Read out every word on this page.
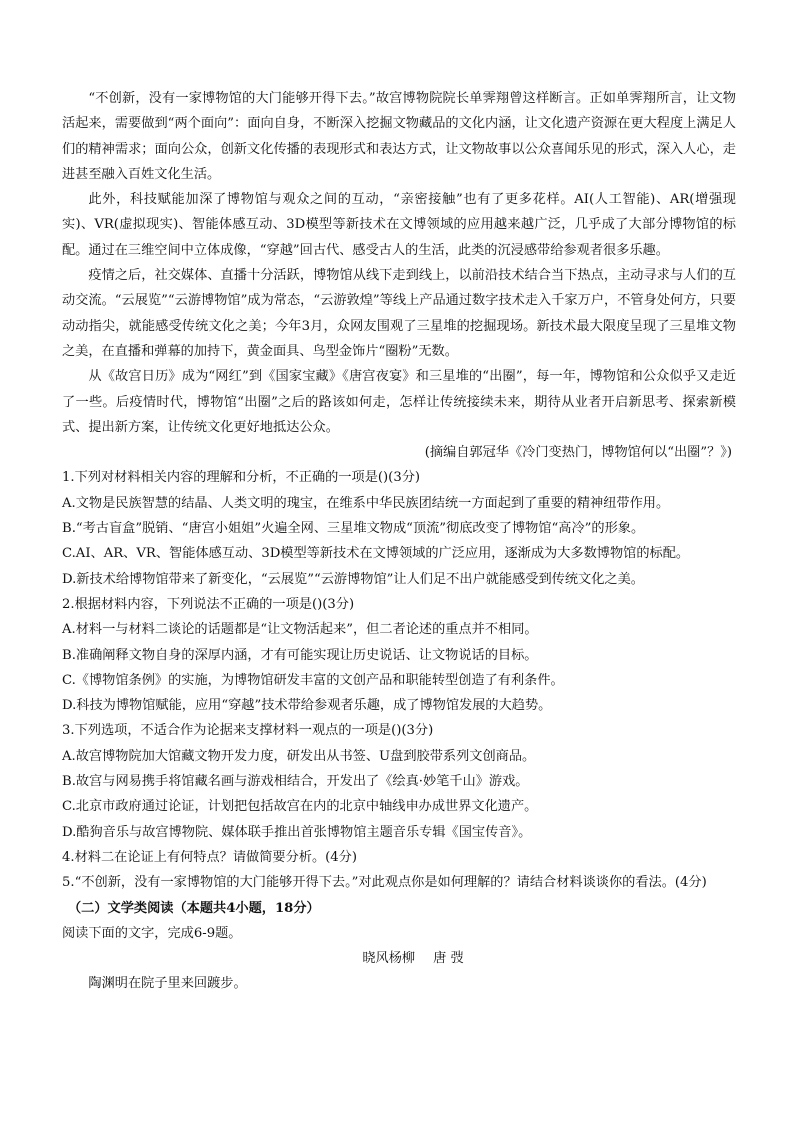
“不创新，没有一家博物馆的大门能够开得下去。”故宫博物院院长单霁翔曾这样断言。正如单霁翔所言，让文物活起来，需要做到“两个面向”：面向自身，不断深入挖掘文物藏品的文化内涵，让文化遗产资源在更大程度上满足人们的精神需求；面向公众，创新文化传播的表现形式和表达方式，让文物故事以公众喜闻乐见的形式，深入人心，走进甚至融入百姓文化生活。

此外，科技赋能加深了博物馆与观众之间的互动，“亲密接触”也有了更多花样。AI(人工智能)、AR(增强现实)、VR(虚拟现实)、智能体感互动、3D模型等新技术在文博领域的应用越来越广泛，几乎成了大部分博物馆的标配。通过在三维空间中立体成像，“穿越”回古代、感受古人的生活，此类的沉浸感带给参观者很多乐趣。

疫情之后，社交媒体、直播十分活跃，博物馆从线下走到线上，以前沿技术结合当下热点，主动寻求与人们的互动交流。“云展览”“云游博物馆”成为常态，“云游敦煌”等线上产品通过数字技术走入千家万户，不管身处何方，只要动动指尖，就能感受传统文化之美；今年3月，众网友围观了三星堆的挖掘现场。新技术最大限度呈现了三星堆文物之美，在直播和弹幕的加持下，黄金面具、鸟型金饰片“圈粉”无数。

从《故宫日历》成为“网红”到《国家宝藏》《唐宫夜宴》和三星堆的“出圈”，每一年，博物馆和公众似乎又走近了一些。后疫情时代，博物馆“出圈”之后的路该如何走，怎样让传统接续未来，期待从业者开启新思考、探索新模式、提出新方案，让传统文化更好地抵达公众。

(摘编自郭冠华《冷门变热门，博物馆何以“出圈”？》)

1.下列对材料相关内容的理解和分析，不正确的一项是()(3分)

A.文物是民族智慧的结晶、人类文明的瑰宝，在维系中华民族团结统一方面起到了重要的精神纽带作用。

B.“考古盲盒”脱销、“唐宫小姐姐”火遍全网、三星堆文物成“顶流”彻底改变了博物馆“高冷”的形象。

C.AI、AR、VR、智能体感互动、3D模型等新技术在文博领域的广泛应用，逐渐成为大多数博物馆的标配。

D.新技术给博物馆带来了新变化，“云展览”“云游博物馆”让人们足不出户就能感受到传统文化之美。

2.根据材料内容，下列说法不正确的一项是()(3分)

A.材料一与材料二谈论的话题都是“让文物活起来”，但二者论述的重点并不相同。

B.准确阐释文物自身的深厚内涵，才有可能实现让历史说话、让文物说话的目标。

C.《博物馆条例》的实施，为博物馆研发丰富的文创产品和职能转型创造了有利条件。

D.科技为博物馆赋能，应用“穿越”技术带给参观者乐趣，成了博物馆发展的大趋势。

3.下列选项，不适合作为论据来支撑材料一观点的一项是()(3分)

A.故宫博物院加大馆藏文物开发力度，研发出从书签、U盘到胶带系列文创商品。

B.故宫与网易携手将馆藏名画与游戏相结合，开发出了《绘真·妙笔千山》游戏。

C.北京市政府通过论证，计划把包括故宫在内的北京中轴线申办成世界文化遗产。

D.酷狗音乐与故宫博物院、媒体联手推出首张博物馆主题音乐专辑《国宝传音》。

4.材料二在论证上有何特点？请做简要分析。(4分)

5.“不创新，没有一家博物馆的大门能够开得下去。”对此观点你是如何理解的？请结合材料谈谈你的看法。(4分)

（二）文学类阅读（本题共4小题，18分）

阅读下面的文字，完成6-9题。

晓风杨柳 唐 弢

陶渊明在院子里来回踱步。
